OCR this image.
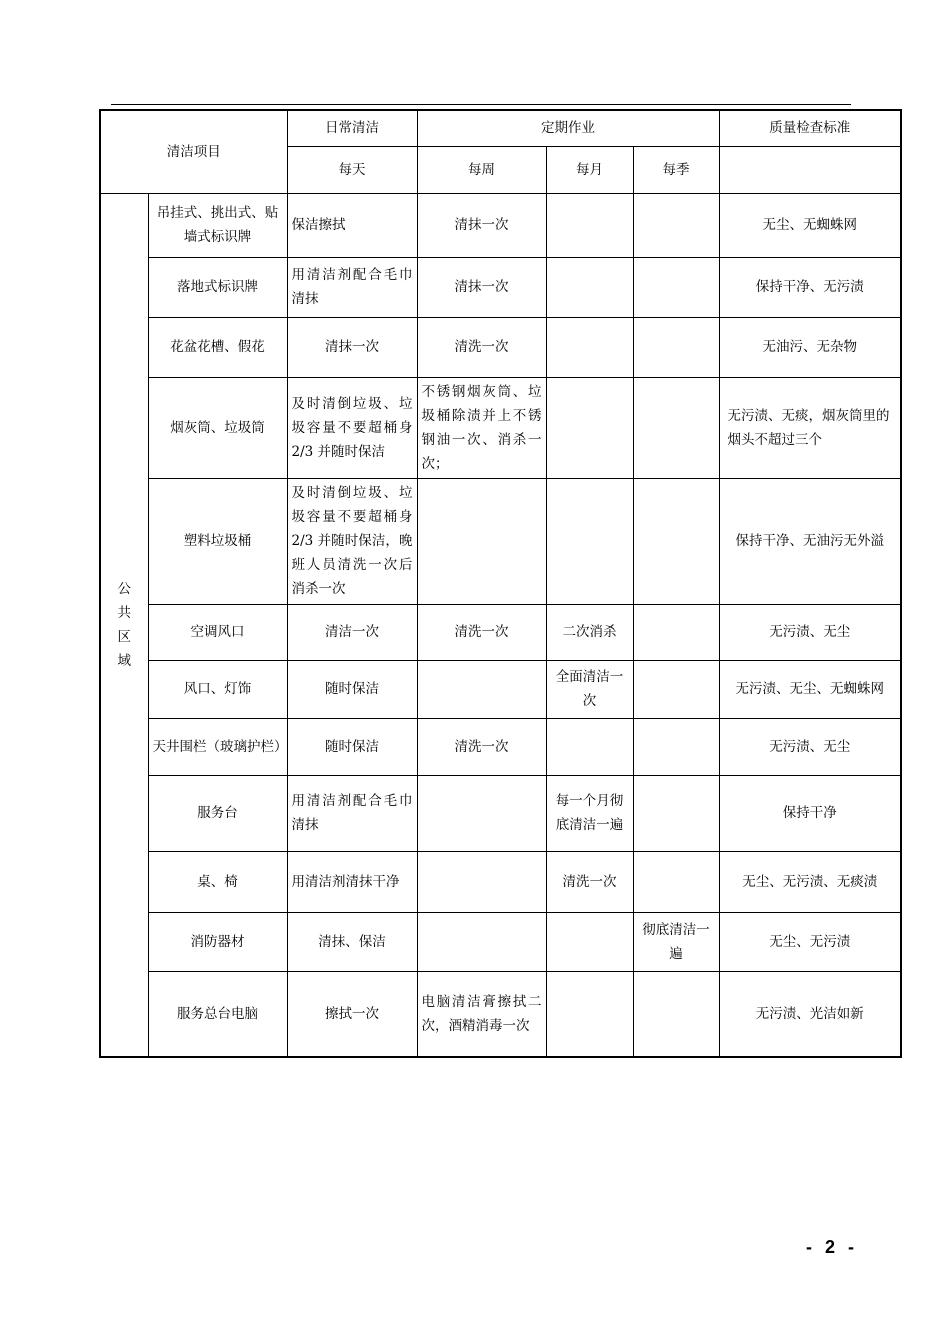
清洁项目		日常清洁	定期作业			质量检查标准
		每天	每周	每月	每季	

公
共
区
域	吊挂式、挑出式、贴墙式标识牌	保洁擦拭	清抹一次			无尘、无蜘蛛网
	落地式标识牌	用清洁剂配合毛巾清抹	清抹一次			保持干净、无污渍
	花盆花槽、假花	清抹一次	清洗一次			无油污、无杂物
	烟灰筒、垃圾筒	及时清倒垃圾、垃圾容量不要超桶身 2/3 并随时保洁	不锈钢烟灰筒、垃圾桶除渍并上不锈钢油一次、消杀一次；			无污渍、无痰，烟灰筒里的烟头不超过三个
	塑料垃圾桶	及时清倒垃圾、垃圾容量不要超桶身 2/3 并随时保洁，晚班人员清洗一次后消杀一次				保持干净、无油污无外溢
	空调风口	清洁一次	清洗一次	二次消杀		无污渍、无尘
	风口、灯饰	随时保洁		全面清洁一次		无污渍、无尘、无蜘蛛网
	天井围栏（玻璃护栏）	随时保洁	清洗一次			无污渍、无尘
	服务台	用清洁剂配合毛巾清抹		每一个月彻底清洁一遍		保持干净
	桌、椅	用清洁剂清抹干净		清洗一次		无尘、无污渍、无痰渍
	消防器材	清抹、保洁			彻底清洁一遍	无尘、无污渍
	服务总台电脑	擦拭一次	电脑清洁膏擦拭二次，酒精消毒一次			无污渍、光洁如新
- 2 -
